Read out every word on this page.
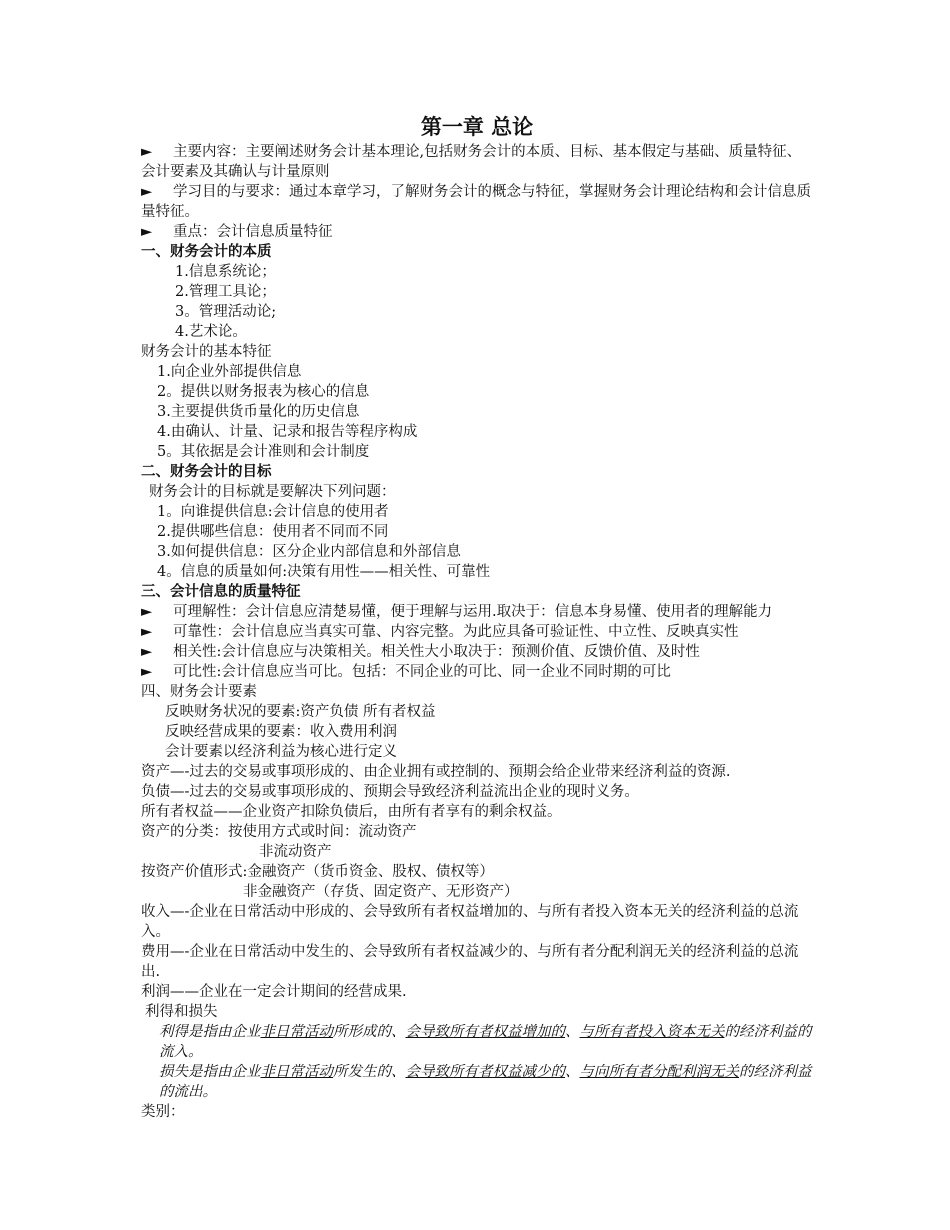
第一章 总论
► 主要内容：主要阐述财务会计基本理论,包括财务会计的本质、目标、基本假定与基础、质量特征、会计要素及其确认与计量原则
► 学习目的与要求：通过本章学习，了解财务会计的概念与特征，掌握财务会计理论结构和会计信息质量特征。
► 重点：会计信息质量特征
一、财务会计的本质
1.信息系统论；
2.管理工具论；
3。管理活动论;
4.艺术论。
财务会计的基本特征
1.向企业外部提供信息
2。提供以财务报表为核心的信息
3.主要提供货币量化的历史信息
4.由确认、计量、记录和报告等程序构成
5。其依据是会计准则和会计制度
二、财务会计的目标
财务会计的目标就是要解决下列问题：
1。向谁提供信息:会计信息的使用者
2.提供哪些信息：使用者不同而不同
3.如何提供信息：区分企业内部信息和外部信息
4。信息的质量如何:决策有用性——相关性、可靠性
三、会计信息的质量特征
► 可理解性：会计信息应清楚易懂，便于理解与运用.取决于：信息本身易懂、使用者的理解能力
► 可靠性：会计信息应当真实可靠、内容完整。为此应具备可验证性、中立性、反映真实性
► 相关性:会计信息应与决策相关。相关性大小取决于：预测价值、反馈价值、及时性
► 可比性:会计信息应当可比。包括：不同企业的可比、同一企业不同时期的可比
四、财务会计要素
反映财务状况的要素:资产负债 所有者权益
反映经营成果的要素：收入费用利润
会计要素以经济利益为核心进行定义
资产—-过去的交易或事项形成的、由企业拥有或控制的、预期会给企业带来经济利益的资源.
负债—-过去的交易或事项形成的、预期会导致经济利益流出企业的现时义务。
所有者权益——企业资产扣除负债后，由所有者享有的剩余权益。
资产的分类：按使用方式或时间：流动资产
非流动资产
按资产价值形式:金融资产（货币资金、股权、债权等）
非金融资产（存货、固定资产、无形资产）
收入—-企业在日常活动中形成的、会导致所有者权益增加的、与所有者投入资本无关的经济利益的总流入。
费用—-企业在日常活动中发生的、会导致所有者权益减少的、与所有者分配利润无关的经济利益的总流出.
利润——企业在一定会计期间的经营成果.
利得和损失
利得是指由企业非日常活动所形成的、会导致所有者权益增加的、与所有者投入资本无关的经济利益的流入。
损失是指由企业非日常活动所发生的、会导致所有者权益减少的、与向所有者分配利润无关的经济利益的流出。
类别：
